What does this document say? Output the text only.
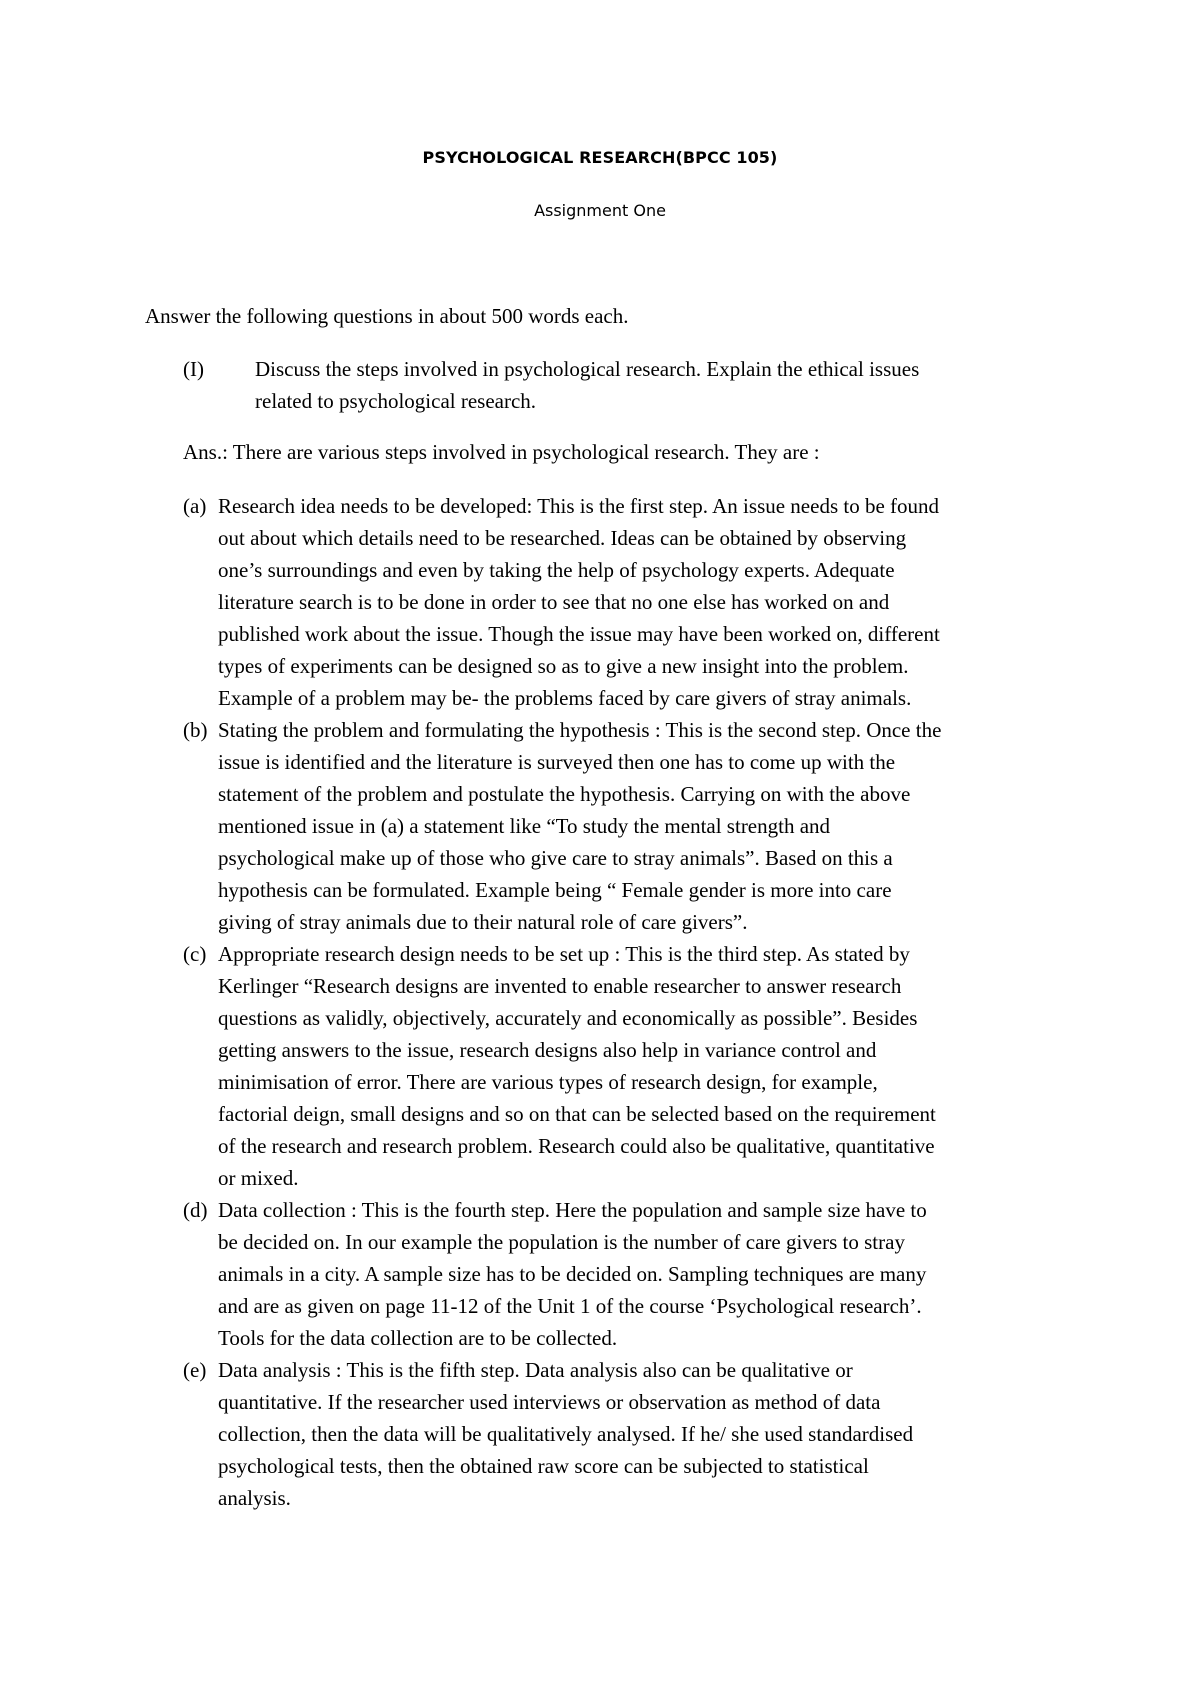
PSYCHOLOGICAL RESEARCH(BPCC 105)
Assignment One
Answer the following questions in about 500 words each.
(I) Discuss the steps involved in psychological research. Explain the ethical issues
related to psychological research.
Ans.: There are various steps involved in psychological research. They are :
(a) Research idea needs to be developed: This is the first step. An issue needs to be found
out about which details need to be researched. Ideas can be obtained by observing
one’s surroundings and even by taking the help of psychology experts. Adequate
literature search is to be done in order to see that no one else has worked on and
published work about the issue. Though the issue may have been worked on, different
types of experiments can be designed so as to give a new insight into the problem.
Example of a problem may be- the problems faced by care givers of stray animals.
(b) Stating the problem and formulating the hypothesis : This is the second step. Once the
issue is identified and the literature is surveyed then one has to come up with the
statement of the problem and postulate the hypothesis. Carrying on with the above
mentioned issue in (a) a statement like “To study the mental strength and
psychological make up of those who give care to stray animals”. Based on this a
hypothesis can be formulated. Example being “ Female gender is more into care
giving of stray animals due to their natural role of care givers”.
(c) Appropriate research design needs to be set up : This is the third step. As stated by
Kerlinger “Research designs are invented to enable researcher to answer research
questions as validly, objectively, accurately and economically as possible”. Besides
getting answers to the issue, research designs also help in variance control and
minimisation of error. There are various types of research design, for example,
factorial deign, small designs and so on that can be selected based on the requirement
of the research and research problem. Research could also be qualitative, quantitative
or mixed.
(d) Data collection : This is the fourth step. Here the population and sample size have to
be decided on. In our example the population is the number of care givers to stray
animals in a city. A sample size has to be decided on. Sampling techniques are many
and are as given on page 11-12 of the Unit 1 of the course ‘Psychological research’.
Tools for the data collection are to be collected.
(e) Data analysis : This is the fifth step. Data analysis also can be qualitative or
quantitative. If the researcher used interviews or observation as method of data
collection, then the data will be qualitatively analysed. If he/ she used standardised
psychological tests, then the obtained raw score can be subjected to statistical
analysis.
